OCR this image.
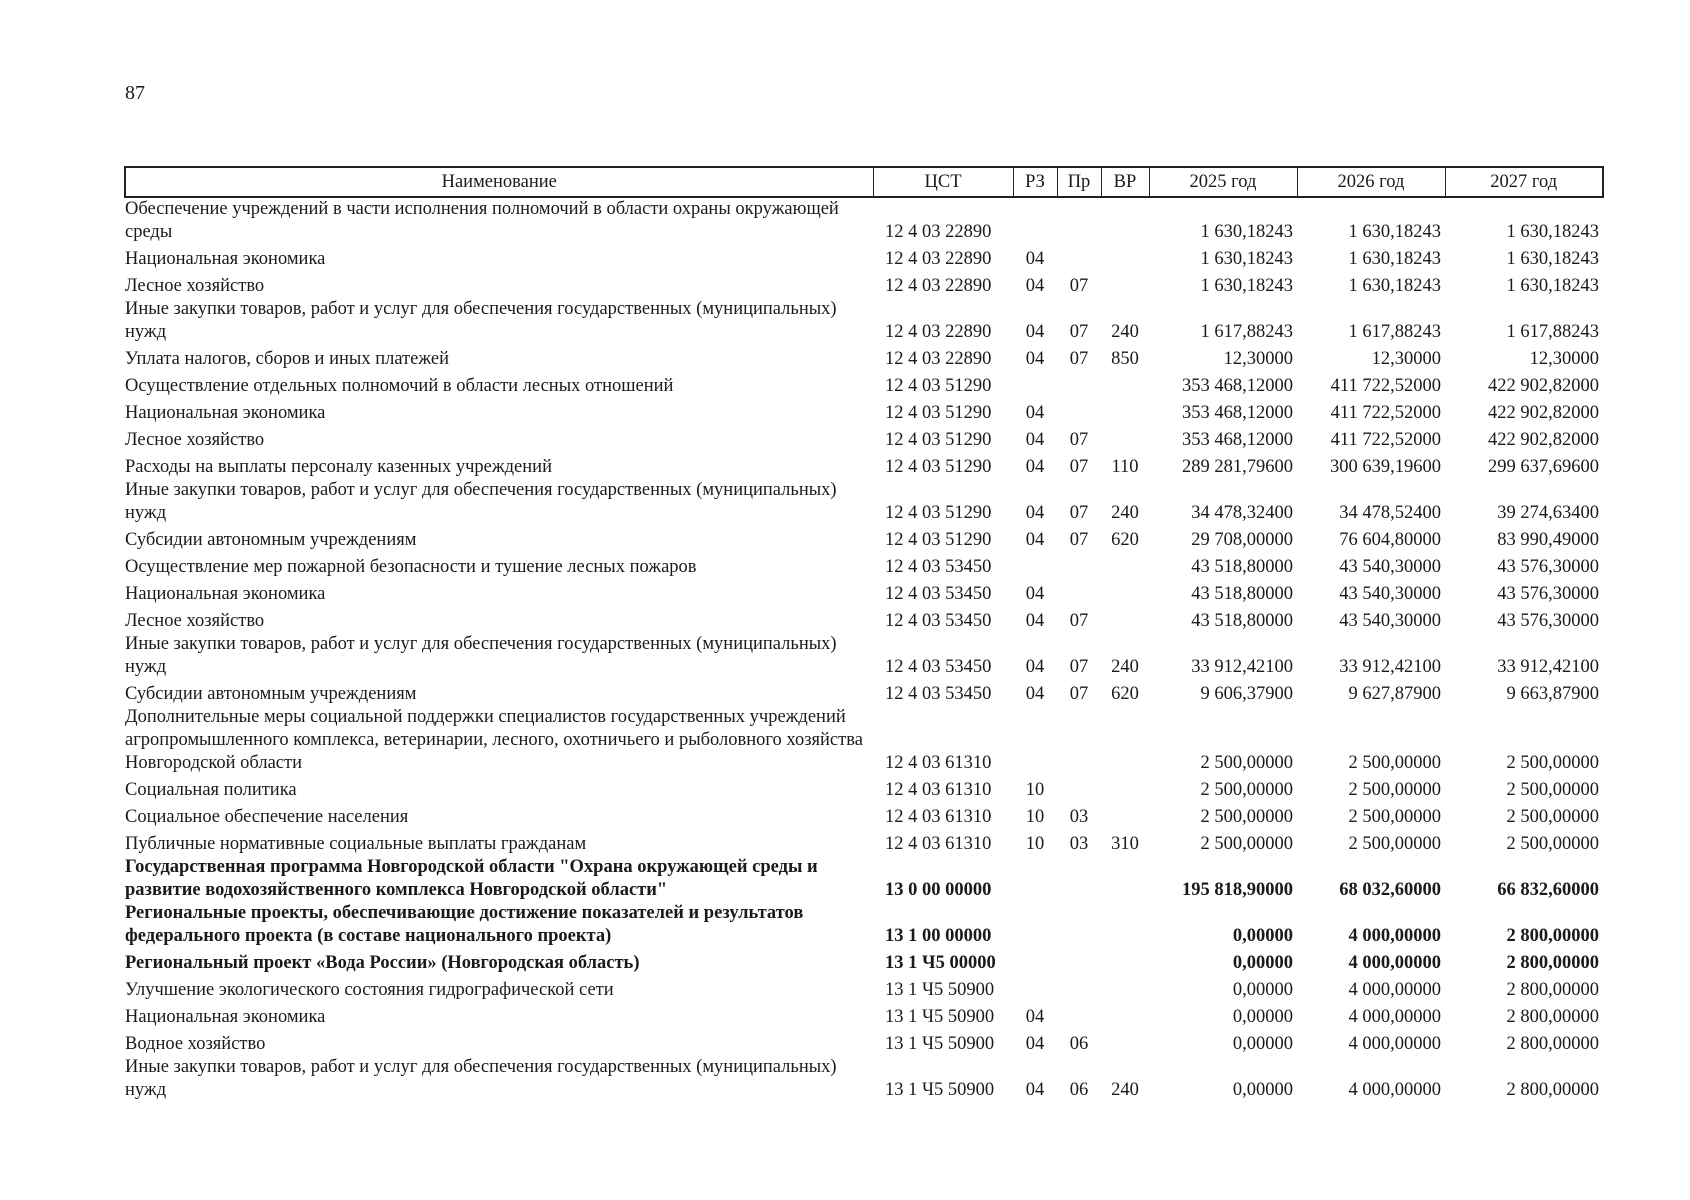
87
Наименование	ЦСТ	РЗ	Пр	ВР	2025 год	2026 год	2027 год
Обеспечение учреждений в части исполнения полномочий в области охраны окружающей среды	12 4 03 22890				1 630,18243	1 630,18243	1 630,18243
Национальная экономика	12 4 03 22890	04			1 630,18243	1 630,18243	1 630,18243
Лесное хозяйство	12 4 03 22890	04	07		1 630,18243	1 630,18243	1 630,18243
Иные закупки товаров, работ и услуг для обеспечения государственных (муниципальных) нужд	12 4 03 22890	04	07	240	1 617,88243	1 617,88243	1 617,88243
Уплата налогов, сборов и иных платежей	12 4 03 22890	04	07	850	12,30000	12,30000	12,30000
Осуществление отдельных полномочий в области лесных отношений	12 4 03 51290				353 468,12000	411 722,52000	422 902,82000
Национальная экономика	12 4 03 51290	04			353 468,12000	411 722,52000	422 902,82000
Лесное хозяйство	12 4 03 51290	04	07		353 468,12000	411 722,52000	422 902,82000
Расходы на выплаты персоналу казенных учреждений	12 4 03 51290	04	07	110	289 281,79600	300 639,19600	299 637,69600
Иные закупки товаров, работ и услуг для обеспечения государственных (муниципальных) нужд	12 4 03 51290	04	07	240	34 478,32400	34 478,52400	39 274,63400
Субсидии автономным учреждениям	12 4 03 51290	04	07	620	29 708,00000	76 604,80000	83 990,49000
Осуществление мер пожарной безопасности и тушение лесных пожаров	12 4 03 53450				43 518,80000	43 540,30000	43 576,30000
Национальная экономика	12 4 03 53450	04			43 518,80000	43 540,30000	43 576,30000
Лесное хозяйство	12 4 03 53450	04	07		43 518,80000	43 540,30000	43 576,30000
Иные закупки товаров, работ и услуг для обеспечения государственных (муниципальных) нужд	12 4 03 53450	04	07	240	33 912,42100	33 912,42100	33 912,42100
Субсидии автономным учреждениям	12 4 03 53450	04	07	620	9 606,37900	9 627,87900	9 663,87900
Дополнительные меры социальной поддержки специалистов государственных учреждений агропромышленного комплекса, ветеринарии, лесного, охотничьего и рыболовного хозяйства Новгородской области	12 4 03 61310				2 500,00000	2 500,00000	2 500,00000
Социальная политика	12 4 03 61310	10			2 500,00000	2 500,00000	2 500,00000
Социальное обеспечение населения	12 4 03 61310	10	03		2 500,00000	2 500,00000	2 500,00000
Публичные нормативные социальные выплаты гражданам	12 4 03 61310	10	03	310	2 500,00000	2 500,00000	2 500,00000
Государственная программа Новгородской области "Охрана окружающей среды и развитие водохозяйственного комплекса Новгородской области"	13 0 00 00000				195 818,90000	68 032,60000	66 832,60000
Региональные проекты, обеспечивающие достижение показателей и результатов федерального проекта (в составе национального проекта)	13 1 00 00000				0,00000	4 000,00000	2 800,00000
Региональный проект «Вода России» (Новгородская область)	13 1 Ч5 00000				0,00000	4 000,00000	2 800,00000
Улучшение экологического состояния гидрографической сети	13 1 Ч5 50900				0,00000	4 000,00000	2 800,00000
Национальная экономика	13 1 Ч5 50900	04			0,00000	4 000,00000	2 800,00000
Водное хозяйство	13 1 Ч5 50900	04	06		0,00000	4 000,00000	2 800,00000
Иные закупки товаров, работ и услуг для обеспечения государственных (муниципальных) нужд	13 1 Ч5 50900	04	06	240	0,00000	4 000,00000	2 800,00000
